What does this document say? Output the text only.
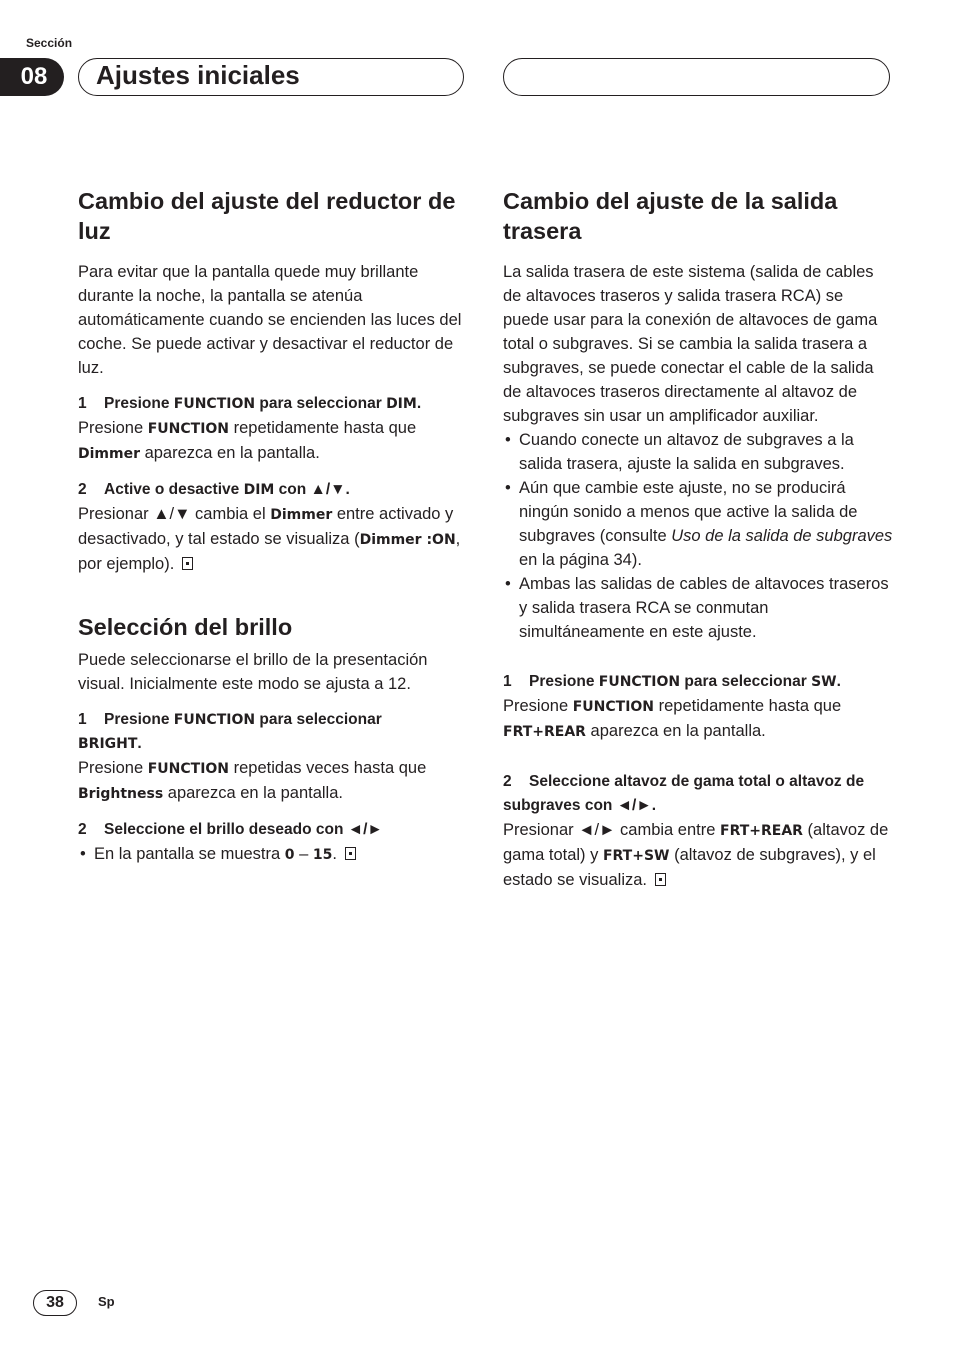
Sección
08	Ajustes iniciales
Cambio del ajuste del reductor de luz

Para evitar que la pantalla quede muy brillante durante la noche, la pantalla se atenúa automáticamente cuando se encienden las luces del coche. Se puede activar y desactivar el reductor de luz.

1 Presione FUNCTION para seleccionar DIM.

Presione FUNCTION repetidamente hasta que Dimmer aparezca en la pantalla.

2 Active o desactive DIM con ▲/▼.

Presionar ▲/▼ cambia el Dimmer entre activado y desactivado, y tal estado se visualiza (Dimmer :ON, por ejemplo).

Selección del brillo

Puede seleccionarse el brillo de la presentación visual. Inicialmente este modo se ajusta a 12.

1 Presione FUNCTION para seleccionar
BRIGHT.

Presione FUNCTION repetidas veces hasta que Brightness aparezca en la pantalla.

2 Seleccione el brillo deseado con ◄/►

• En la pantalla se muestra 0 – 15.
Cambio del ajuste de la salida trasera

La salida trasera de este sistema (salida de cables de altavoces traseros y salida trasera RCA) se puede usar para la conexión de altavoces de gama total o subgraves. Si se cambia la salida trasera a subgraves, se puede conectar el cable de la salida de altavoces traseros directamente al altavoz de subgraves sin usar un amplificador auxiliar.

• Cuando conecte un altavoz de subgraves a la salida trasera, ajuste la salida en subgraves.
• Aún que cambie este ajuste, no se producirá ningún sonido a menos que active la salida de subgraves (consulte Uso de la salida de subgraves en la página 34).
• Ambas las salidas de cables de altavoces traseros y salida trasera RCA se conmutan simultáneamente en este ajuste.

1 Presione FUNCTION para seleccionar SW.

Presione FUNCTION repetidamente hasta que FRT+REAR aparezca en la pantalla.

2 Seleccione altavoz de gama total o altavoz de subgraves con ◄/►.

Presionar ◄/► cambia entre FRT+REAR (altavoz de gama total) y FRT+SW (altavoz de subgraves), y el estado se visualiza.

38	Sp
